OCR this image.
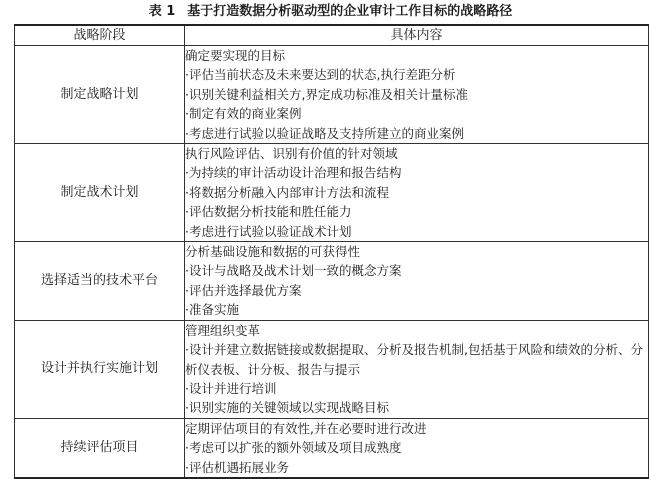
表 1 基于打造数据分析驱动型的企业审计工作目标的战略路径
战略阶段	具体内容
制定战略计划	确定要实现的目标
·评估当前状态及未来要达到的状态,执行差距分析
·识别关键利益相关方,界定成功标准及相关计量标准
·制定有效的商业案例
·考虑进行试验以验证战略及支持所建立的商业案例

制定战术计划	执行风险评估、识别有价值的针对领域
·为持续的审计活动设计治理和报告结构
·将数据分析融入内部审计方法和流程
·评估数据分析技能和胜任能力
·考虑进行试验以验证战术计划

选择适当的技术平台	分析基础设施和数据的可获得性
·设计与战略及战术计划一致的概念方案
·评估并选择最优方案
·准备实施

设计并执行实施计划	管理组织变革
·设计并建立数据链接或数据提取、分析及报告机制,包括基于风险和绩效的分析、分析仪表板、计分板、报告与提示
·设计并进行培训
·识别实施的关键领域以实现战略目标

持续评估项目	定期评估项目的有效性,并在必要时进行改进
·考虑可以扩张的额外领域及项目成熟度
·评估机遇拓展业务
